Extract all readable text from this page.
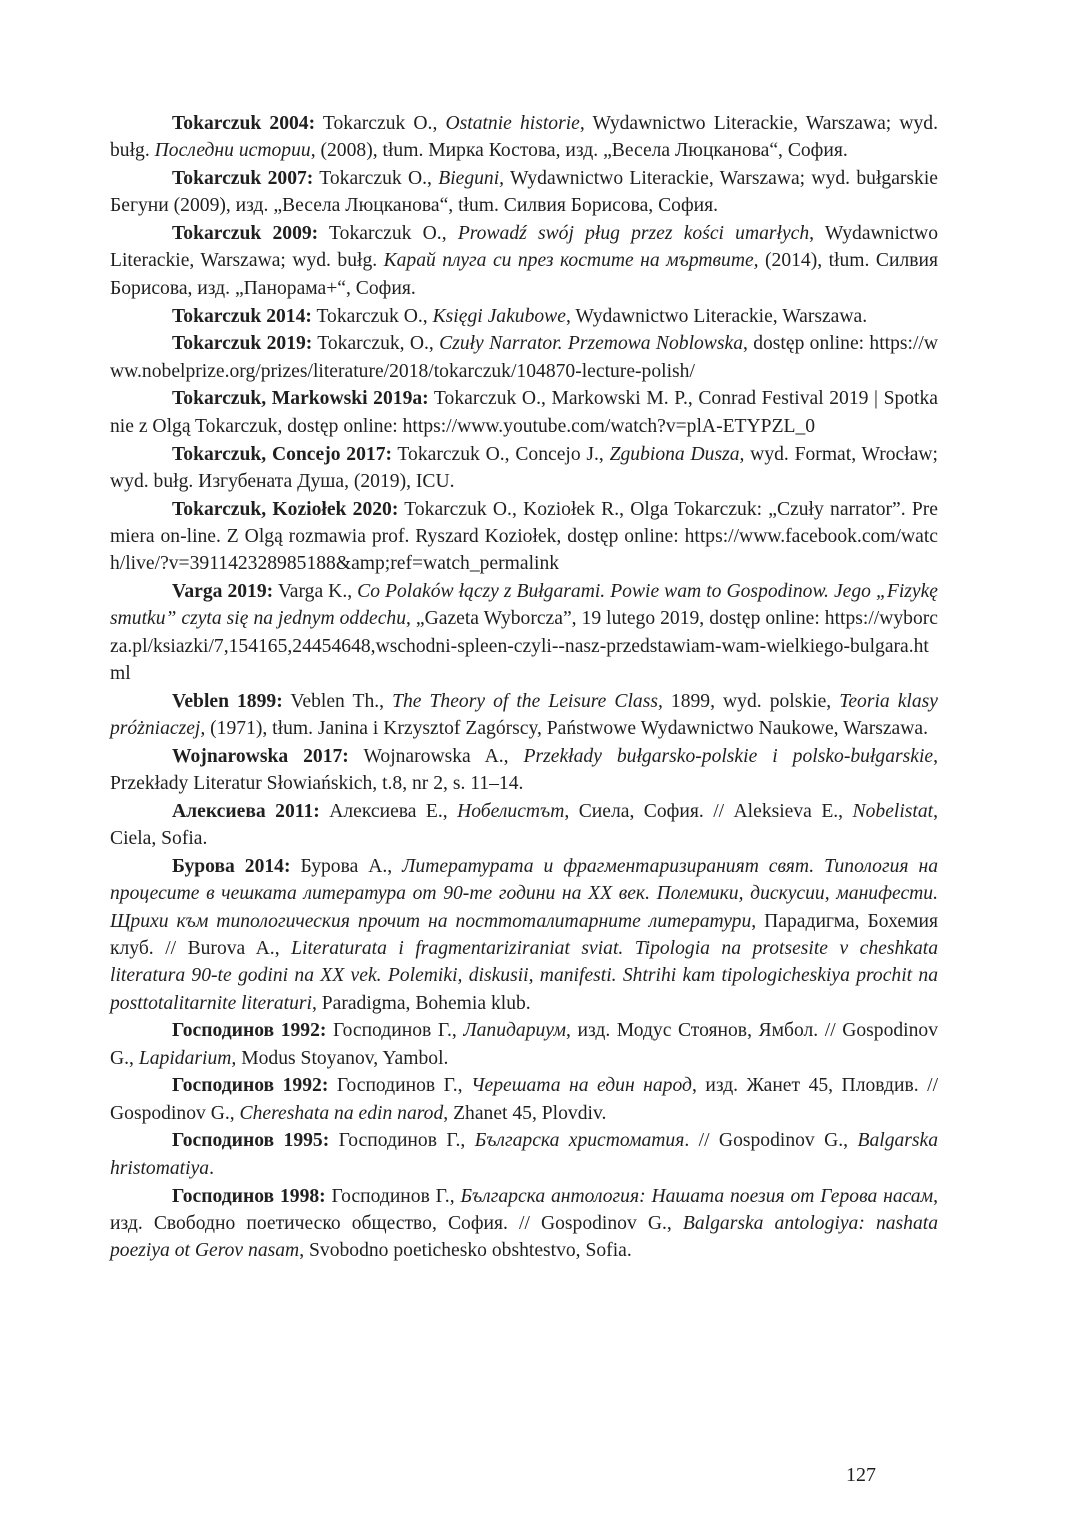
Tokarczuk 2004: Tokarczuk O., Ostatnie historie, Wydawnictwo Literackie, Warszawa; wyd. bułg. Последни истории, (2008), tłum. Мирка Костова, изд. „Весела Люцканова“, София.

Tokarczuk 2007: Tokarczuk O., Bieguni, Wydawnictwo Literackie, Warszawa; wyd. bułgarskie Бегуни (2009), изд. „Весела Люцканова“, tłum. Силвия Борисова, София.

Tokarczuk 2009: Tokarczuk O., Prowadź swój pług przez kości umarłych, Wydawnictwo Literackie, Warszawa; wyd. bułg. Карай плуга си през костите на мъртвите, (2014), tłum. Силвия Борисова, изд. „Панорама+“, София.

Tokarczuk 2014: Tokarczuk O., Księgi Jakubowe, Wydawnictwo Literackie, Warszawa.

Tokarczuk 2019: Tokarczuk, O., Czuły Narrator. Przemowa Noblowska, dostęp online: https://www.nobelprize.org/prizes/literature/2018/tokarczuk/104870-lecture-polish/

Tokarczuk, Markowski 2019a: Tokarczuk O., Markowski M. P., Conrad Festival 2019 | Spotkanie z Olgą Tokarczuk, dostęp online: https://www.youtube.com/watch?v=plA-ETYPZL_0

Tokarczuk, Concejo 2017: Tokarczuk O., Concejo J., Zgubiona Dusza, wyd. Format, Wrocław; wyd. bułg. Изгубената Душа, (2019), ICU.

Tokarczuk, Koziołek 2020: Tokarczuk O., Koziołek R., Olga Tokarczuk: „Czuły narrator”. Premiera on-line. Z Olgą rozmawia prof. Ryszard Koziołek, dostęp online: https://www.facebook.com/watch/live/?v=391142328985188&amp;ref=watch_permalink

Varga 2019: Varga K., Co Polaków łączy z Bułgarami. Powie wam to Gospodinow. Jego „Fizykę smutku” czyta się na jednym oddechu, „Gazeta Wyborcza”, 19 lutego 2019, dostęp online: https://wyborcza.pl/ksiazki/7,154165,24454648,wschodni-spleen-czyli--nasz-przedstawiam-wam-wielkiego-bulgara.html

Veblen 1899: Veblen Th., The Theory of the Leisure Class, 1899, wyd. polskie, Teoria klasy próżniaczej, (1971), tłum. Janina i Krzysztof Zagórscy, Państwowe Wydawnictwo Naukowe, Warszawa.

Wojnarowska 2017: Wojnarowska A., Przekłady bułgarsko-polskie i polsko-bułgarskie, Przekłady Literatur Słowiańskich, t.8, nr 2, s. 11–14.

Алексиева 2011: Алексиева Е., Нобелистът, Сиела, София. // Aleksieva E., Nobelistat, Ciela, Sofia.

Бурова 2014: Бурова А., Литературата и фрагментаризираният свят. Типология на процесите в чешката литература от 90-те години на XX век. Полемики, дискусии, манифести. Щрихи към типологическия прочит на посттоталитарните литератури, Парадигма, Бохемия клуб. // Burova A., Literaturata i fragmentariziraniat sviat. Tipologia na protsesite v cheshkata literatura 90-te godini na XX vek. Polemiki, diskusii, manifesti. Shtrihi kam tipologicheskiya prochit na posttotalitarnite literaturi, Paradigma, Bohemia klub.

Господинов 1992: Господинов Г., Лапидариум, изд. Модус Стоянов, Ямбол. // Gospodinov G., Lapidarium, Modus Stoyanov, Yambol.

Господинов 1992: Господинов Г., Черешата на един народ, изд. Жанет 45, Пловдив. // Gospodinov G., Chereshata na edin narod, Zhanet 45, Plovdiv.

Господинов 1995: Господинов Г., Българска христоматия. // Gospodinov G., Balgarska hristomatiya.

Господинов 1998: Господинов Г., Българска антология: Нашата поезия от Герова насам, изд. Свободно поетическо общество, София. // Gospodinov G., Balgarska antologiya: nashata poeziya ot Gerov nasam, Svobodno poetichesko obshtestvo, Sofia.

127
